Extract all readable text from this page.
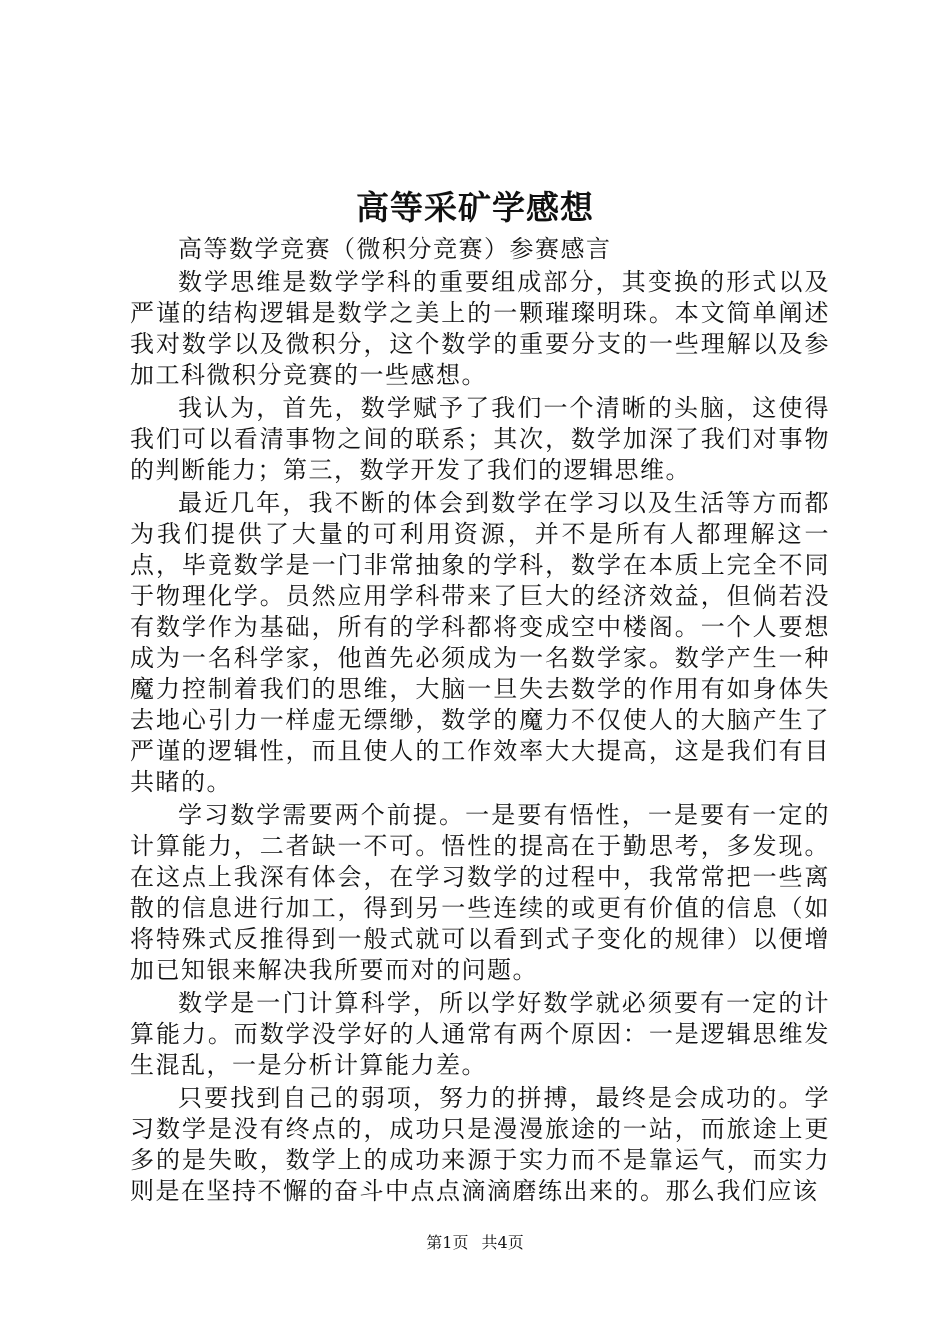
高等采矿学感想

高等数学竞赛（微积分竞赛）参赛感言

数学思维是数学学科的重要组成部分，其变换的形式以及严谨的结构逻辑是数学之美上的一颗璀璨明珠。本文简单阐述我对数学以及微积分，这个数学的重要分支的一些理解以及参加工科微积分竞赛的一些感想。

我认为，首先，数学赋予了我们一个清晰的头脑，这使得我们可以看清事物之间的联系；其次，数学加深了我们对事物的判断能力；第三，数学开发了我们的逻辑思维。

最近几年，我不断的体会到数学在学习以及生活等方而都为我们提供了大量的可利用资源，并不是所有人都理解这一点，毕竟数学是一门非常抽象的学科，数学在本质上完全不同于物理化学。员然应用学科带来了巨大的经济效益，但倘若没有数学作为基础，所有的学科都将变成空中楼阁。一个人要想成为一名科学家，他酋先必须成为一名数学家。数学产生一种魔力控制着我们的思维，大脑一旦失去数学的作用有如身体失去地心引力一样虚无缥缈，数学的魔力不仅使人的大脑产生了严谨的逻辑性，而且使人的工作效率大大提高，这是我们有目共睹的。

学习数学需要两个前提。一是要有悟性，一是要有一定的计算能力，二者缺一不可。悟性的提高在于勤思考，多发现。在这点上我深有体会，在学习数学的过程中，我常常把一些离散的信息进行加工，得到另一些连续的或更有价值的信息（如将特殊式反推得到一般式就可以看到式子变化的规律）以便增加已知银来解决我所要而对的问题。

数学是一门计算科学，所以学好数学就必须要有一定的计算能力。而数学没学好的人通常有两个原因：一是逻辑思维发生混乱，一是分析计算能力差。

只要找到自己的弱项，努力的拼搏，最终是会成功的。学习数学是没有终点的，成功只是漫漫旅途的一站，而旅途上更多的是失畋，数学上的成功来源于实力而不是靠运气，而实力则是在坚持不懈的奋斗中点点滴滴磨练出来的。那么我们应该

第1页 共4页
